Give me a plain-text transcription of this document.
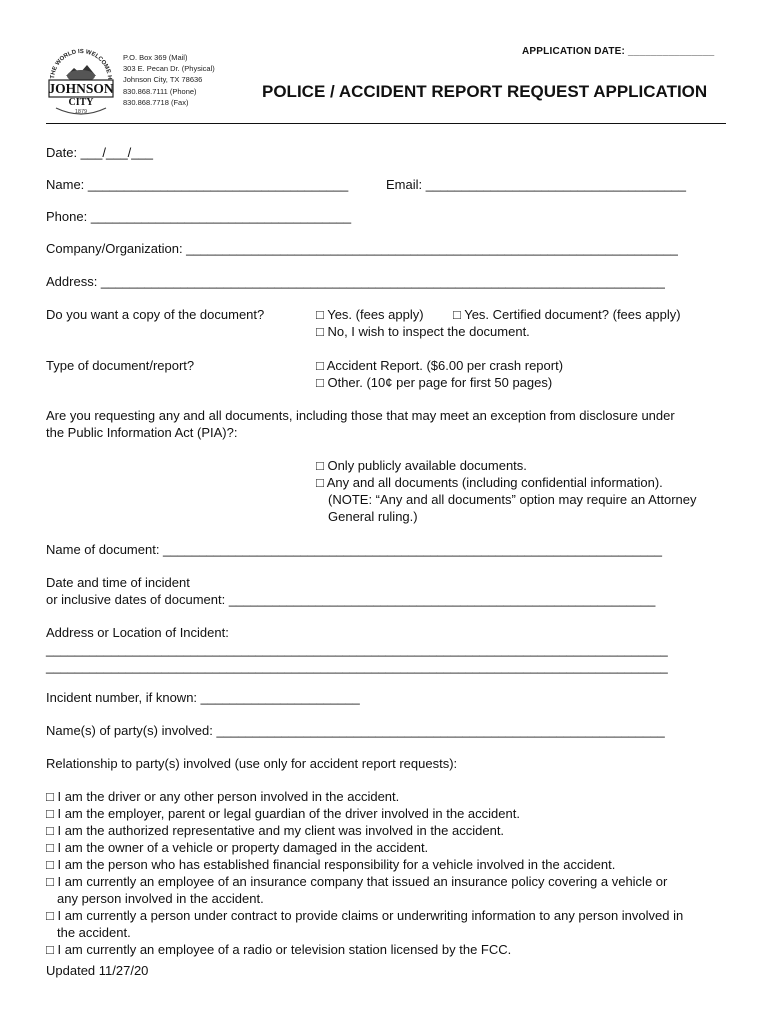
APPLICATION DATE: _______________
THE WORLD IS WELCOME H
JOHNSON
CITY
1879
P.O. Box 369 (Mail)
303 E. Pecan Dr. (Physical)
Johnson City, TX 78636
830.868.7111 (Phone)
830.868.7718 (Fax)
POLICE / ACCIDENT REPORT REQUEST APPLICATION
Date: ___/___/___
Name: ____________________________________	Email: ____________________________________
Phone: ____________________________________
Company/Organization: ____________________________________________________________________
Address: ______________________________________________________________________________
Do you want a copy of the document?	□ Yes. (fees apply) □ Yes. Certified document? (fees apply)
□ No, I wish to inspect the document.
Type of document/report?	□ Accident Report. ($6.00 per crash report)
□ Other. (10¢ per page for first 50 pages)
Are you requesting any and all documents, including those that may meet an exception from disclosure under
the Public Information Act (PIA)?:
□ Only publicly available documents.
□ Any and all documents (including confidential information).
(NOTE: “Any and all documents” option may require an Attorney
General ruling.)
Name of document: _____________________________________________________________________
Date and time of incident
or inclusive dates of document: ___________________________________________________________
Address or Location of Incident:
______________________________________________________________________________________
______________________________________________________________________________________
Incident number, if known: ______________________
Name(s) of party(s) involved: ______________________________________________________________
Relationship to party(s) involved (use only for accident report requests):
□ I am the driver or any other person involved in the accident.
□ I am the employer, parent or legal guardian of the driver involved in the accident.
□ I am the authorized representative and my client was involved in the accident.
□ I am the owner of a vehicle or property damaged in the accident.
□ I am the person who has established financial responsibility for a vehicle involved in the accident.
□ I am currently an employee of an insurance company that issued an insurance policy covering a vehicle or
any person involved in the accident.
□ I am currently a person under contract to provide claims or underwriting information to any person involved in
the accident.
□ I am currently an employee of a radio or television station licensed by the FCC.
Updated 11/27/20
